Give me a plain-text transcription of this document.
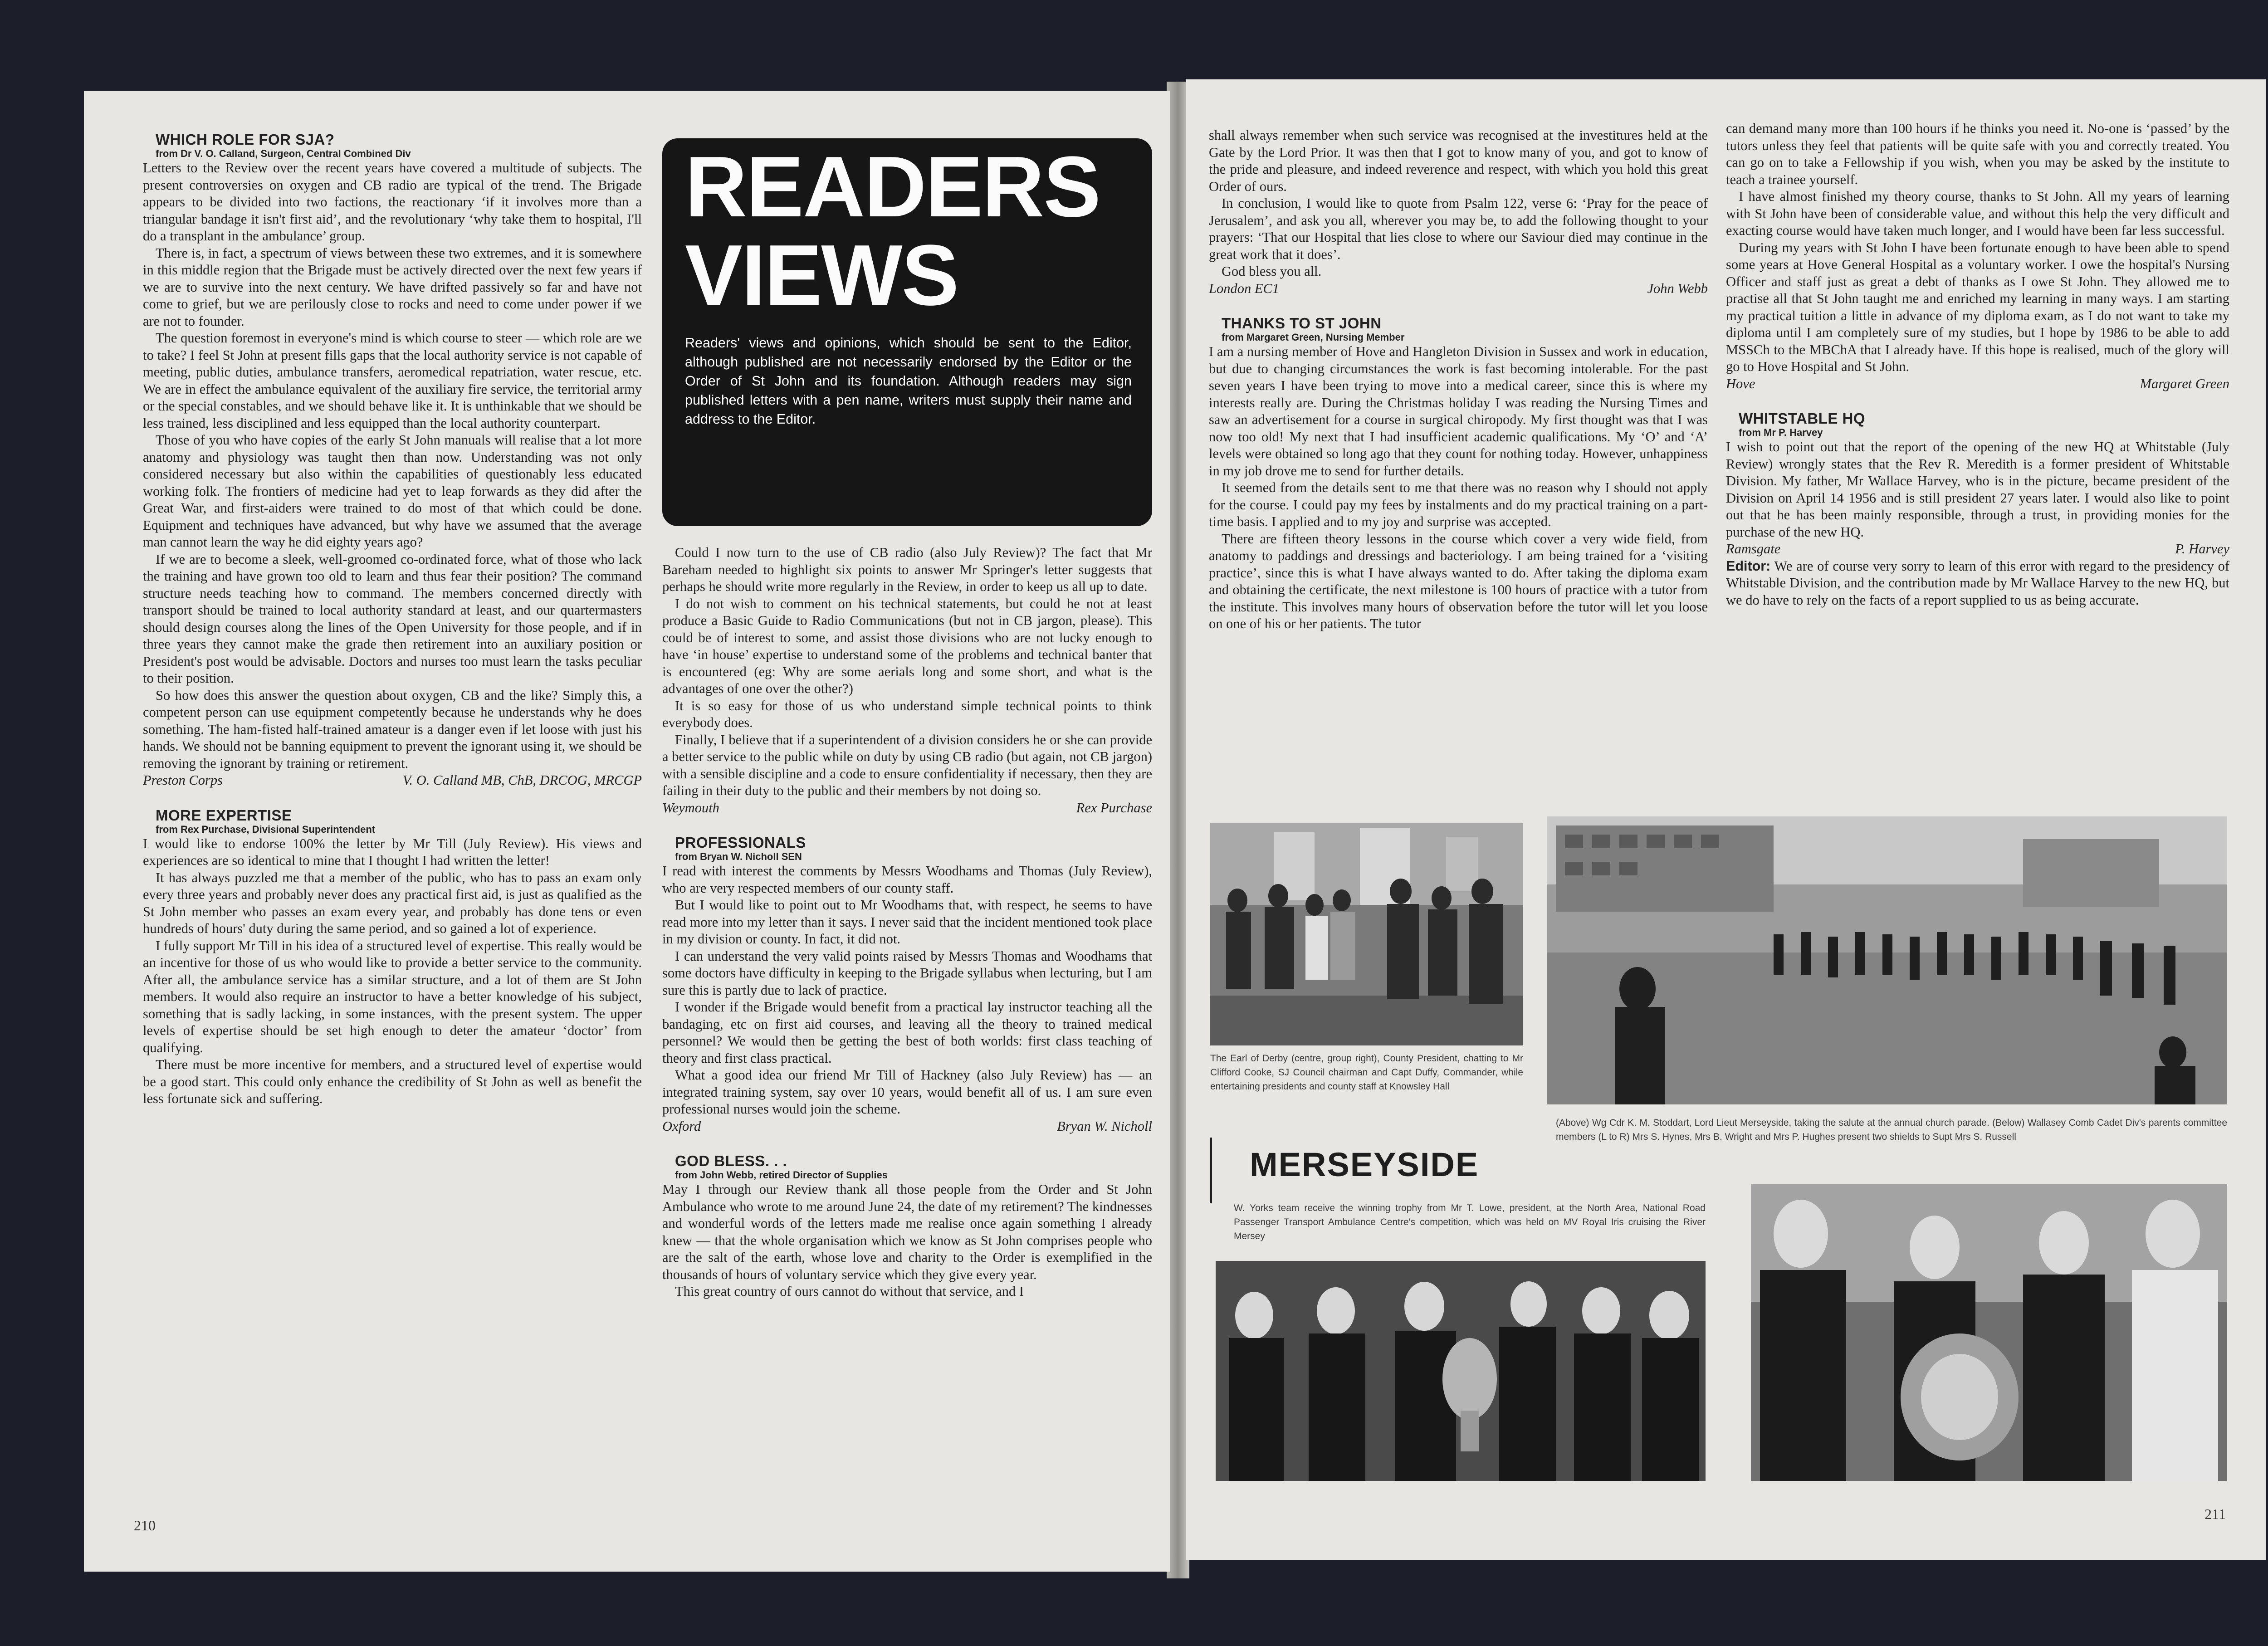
WHICH ROLE FOR SJA?

from Dr V. O. Calland, Surgeon, Central Combined Div

Letters to the Review over the recent years have covered a multitude of subjects. The present controversies on oxygen and CB radio are typical of the trend. The Brigade appears to be divided into two factions, the reactionary ‘if it involves more than a triangular bandage it isn't first aid’, and the revolutionary ‘why take them to hospital, I'll do a transplant in the ambulance’ group.

There is, in fact, a spectrum of views between these two extremes, and it is somewhere in this middle region that the Brigade must be actively directed over the next few years if we are to survive into the next century. We have drifted passively so far and have not come to grief, but we are perilously close to rocks and need to come under power if we are not to founder.

The question foremost in everyone's mind is which course to steer — which role are we to take? I feel St John at present fills gaps that the local authority service is not capable of meeting, public duties, ambulance transfers, aeromedical repatriation, water rescue, etc. We are in effect the ambulance equivalent of the auxiliary fire service, the territorial army or the special constables, and we should behave like it. It is unthinkable that we should be less trained, less disciplined and less equipped than the local authority counterpart.

Those of you who have copies of the early St John manuals will realise that a lot more anatomy and physiology was taught then than now. Understanding was not only considered necessary but also within the capabilities of questionably less educated working folk. The frontiers of medicine had yet to leap forwards as they did after the Great War, and first-aiders were trained to do most of that which could be done. Equipment and techniques have advanced, but why have we assumed that the average man cannot learn the way he did eighty years ago?

If we are to become a sleek, well-groomed co-ordinated force, what of those who lack the training and have grown too old to learn and thus fear their position? The command structure needs teaching how to command. The members concerned directly with transport should be trained to local authority standard at least, and our quartermasters should design courses along the lines of the Open University for those people, and if in three years they cannot make the grade then retirement into an auxiliary position or President's post would be advisable. Doctors and nurses too must learn the tasks peculiar to their position.

So how does this answer the question about oxygen, CB and the like? Simply this, a competent person can use equipment competently because he understands why he does something. The ham-fisted half-trained amateur is a danger even if let loose with just his hands. We should not be banning equipment to prevent the ignorant using it, we should be removing the ignorant by training or retirement.

Preston Corps	V. O. Calland MB, ChB, DRCOG, MRCGP

MORE EXPERTISE

from Rex Purchase, Divisional Superintendent

I would like to endorse 100% the letter by Mr Till (July Review). His views and experiences are so identical to mine that I thought I had written the letter!

It has always puzzled me that a member of the public, who has to pass an exam only every three years and probably never does any practical first aid, is just as qualified as the St John member who passes an exam every year, and probably has done tens or even hundreds of hours' duty during the same period, and so gained a lot of experience.

I fully support Mr Till in his idea of a structured level of expertise. This really would be an incentive for those of us who would like to provide a better service to the community. After all, the ambulance service has a similar structure, and a lot of them are St John members. It would also require an instructor to have a better knowledge of his subject, something that is sadly lacking, in some instances, with the present system. The upper levels of expertise should be set high enough to deter the amateur ‘doctor’ from qualifying.

There must be more incentive for members, and a structured level of expertise would be a good start. This could only enhance the credibility of St John as well as benefit the less fortunate sick and suffering.

READERS
VIEWS
Readers' views and opinions, which should be sent to the Editor, although published are not necessarily endorsed by the Editor or the Order of St John and its foundation. Although readers may sign published letters with a pen name, writers must supply their name and address to the Editor.

Could I now turn to the use of CB radio (also July Review)? The fact that Mr Bareham needed to highlight six points to answer Mr Springer's letter suggests that perhaps he should write more regularly in the Review, in order to keep us all up to date.

I do not wish to comment on his technical statements, but could he not at least produce a Basic Guide to Radio Communications (but not in CB jargon, please). This could be of interest to some, and assist those divisions who are not lucky enough to have ‘in house’ expertise to understand some of the problems and technical banter that is encountered (eg: Why are some aerials long and some short, and what is the advantages of one over the other?)

It is so easy for those of us who understand simple technical points to think everybody does.

Finally, I believe that if a superintendent of a division considers he or she can provide a better service to the public while on duty by using CB radio (but again, not CB jargon) with a sensible discipline and a code to ensure confidentiality if necessary, then they are failing in their duty to the public and their members by not doing so.

Weymouth	Rex Purchase

PROFESSIONALS

from Bryan W. Nicholl SEN

I read with interest the comments by Messrs Woodhams and Thomas (July Review), who are very respected members of our county staff.

But I would like to point out to Mr Woodhams that, with respect, he seems to have read more into my letter than it says. I never said that the incident mentioned took place in my division or county. In fact, it did not.

I can understand the very valid points raised by Messrs Thomas and Woodhams that some doctors have difficulty in keeping to the Brigade syllabus when lecturing, but I am sure this is partly due to lack of practice.

I wonder if the Brigade would benefit from a practical lay instructor teaching all the bandaging, etc on first aid courses, and leaving all the theory to trained medical personnel? We would then be getting the best of both worlds: first class teaching of theory and first class practical.

What a good idea our friend Mr Till of Hackney (also July Review) has — an integrated training system, say over 10 years, would benefit all of us. I am sure even professional nurses would join the scheme.

Oxford	Bryan W. Nicholl

GOD BLESS. . .

from John Webb, retired Director of Supplies

May I through our Review thank all those people from the Order and St John Ambulance who wrote to me around June 24, the date of my retirement? The kindnesses and wonderful words of the letters made me realise once again something I already knew — that the whole organisation which we know as St John comprises people who are the salt of the earth, whose love and charity to the Order is exemplified in the thousands of hours of voluntary service which they give every year.

This great country of ours cannot do without that service, and I

210

shall always remember when such service was recognised at the investitures held at the Gate by the Lord Prior. It was then that I got to know many of you, and got to know of the pride and pleasure, and indeed reverence and respect, with which you hold this great Order of ours.

In conclusion, I would like to quote from Psalm 122, verse 6: ‘Pray for the peace of Jerusalem’, and ask you all, wherever you may be, to add the following thought to your prayers: ‘That our Hospital that lies close to where our Saviour died may continue in the great work that it does’.

God bless you all.

London EC1	John Webb

THANKS TO ST JOHN

from Margaret Green, Nursing Member

I am a nursing member of Hove and Hangleton Division in Sussex and work in education, but due to changing circumstances the work is fast becoming intolerable. For the past seven years I have been trying to move into a medical career, since this is where my interests really are. During the Christmas holiday I was reading the Nursing Times and saw an advertisement for a course in surgical chiropody. My first thought was that I was now too old! My next that I had insufficient academic qualifications. My ‘O’ and ‘A’ levels were obtained so long ago that they count for nothing today. However, unhappiness in my job drove me to send for further details.

It seemed from the details sent to me that there was no reason why I should not apply for the course. I could pay my fees by instalments and do my practical training on a part-time basis. I applied and to my joy and surprise was accepted.

There are fifteen theory lessons in the course which cover a very wide field, from anatomy to paddings and dressings and bacteriology. I am being trained for a ‘visiting practice’, since this is what I have always wanted to do. After taking the diploma exam and obtaining the certificate, the next milestone is 100 hours of practice with a tutor from the institute. This involves many hours of observation before the tutor will let you loose on one of his or her patients. The tutor

can demand many more than 100 hours if he thinks you need it. No-one is ‘passed’ by the tutors unless they feel that patients will be quite safe with you and correctly treated. You can go on to take a Fellowship if you wish, when you may be asked by the institute to teach a trainee yourself.

I have almost finished my theory course, thanks to St John. All my years of learning with St John have been of considerable value, and without this help the very difficult and exacting course would have taken much longer, and I would have been far less successful.

During my years with St John I have been fortunate enough to have been able to spend some years at Hove General Hospital as a voluntary worker. I owe the hospital's Nursing Officer and staff just as great a debt of thanks as I owe St John. They allowed me to practise all that St John taught me and enriched my learning in many ways. I am starting my practical tuition a little in advance of my diploma exam, as I do not want to take my diploma until I am completely sure of my studies, but I hope by 1986 to be able to add MSSCh to the MBChA that I already have. If this hope is realised, much of the glory will go to Hove Hospital and St John.

Hove	Margaret Green

WHITSTABLE HQ

from Mr P. Harvey

I wish to point out that the report of the opening of the new HQ at Whitstable (July Review) wrongly states that the Rev R. Meredith is a former president of Whitstable Division. My father, Mr Wallace Harvey, who is in the picture, became president of the Division on April 14 1956 and is still president 27 years later. I would also like to point out that he has been mainly responsible, through a trust, in providing monies for the purchase of the new HQ.

Ramsgate	P. Harvey

Editor: We are of course very sorry to learn of this error with regard to the presidency of Whitstable Division, and the contribution made by Mr Wallace Harvey to the new HQ, but we do have to rely on the facts of a report supplied to us as being accurate.

211
The Earl of Derby (centre, group right), County President, chatting to Mr Clifford Cooke, SJ Council chairman and Capt Duffy, Commander, while entertaining presidents and county staff at Knowsley Hall
(Above) Wg Cdr K. M. Stoddart, Lord Lieut Merseyside, taking the salute at the annual church parade. (Below) Wallasey Comb Cadet Div's parents committee members (L to R) Mrs S. Hynes, Mrs B. Wright and Mrs P. Hughes present two shields to Supt Mrs S. Russell
MERSEYSIDE
W. Yorks team receive the winning trophy from Mr T. Lowe, president, at the North Area, National Road Passenger Transport Ambulance Centre's competition, which was held on MV Royal Iris cruising the River Mersey
